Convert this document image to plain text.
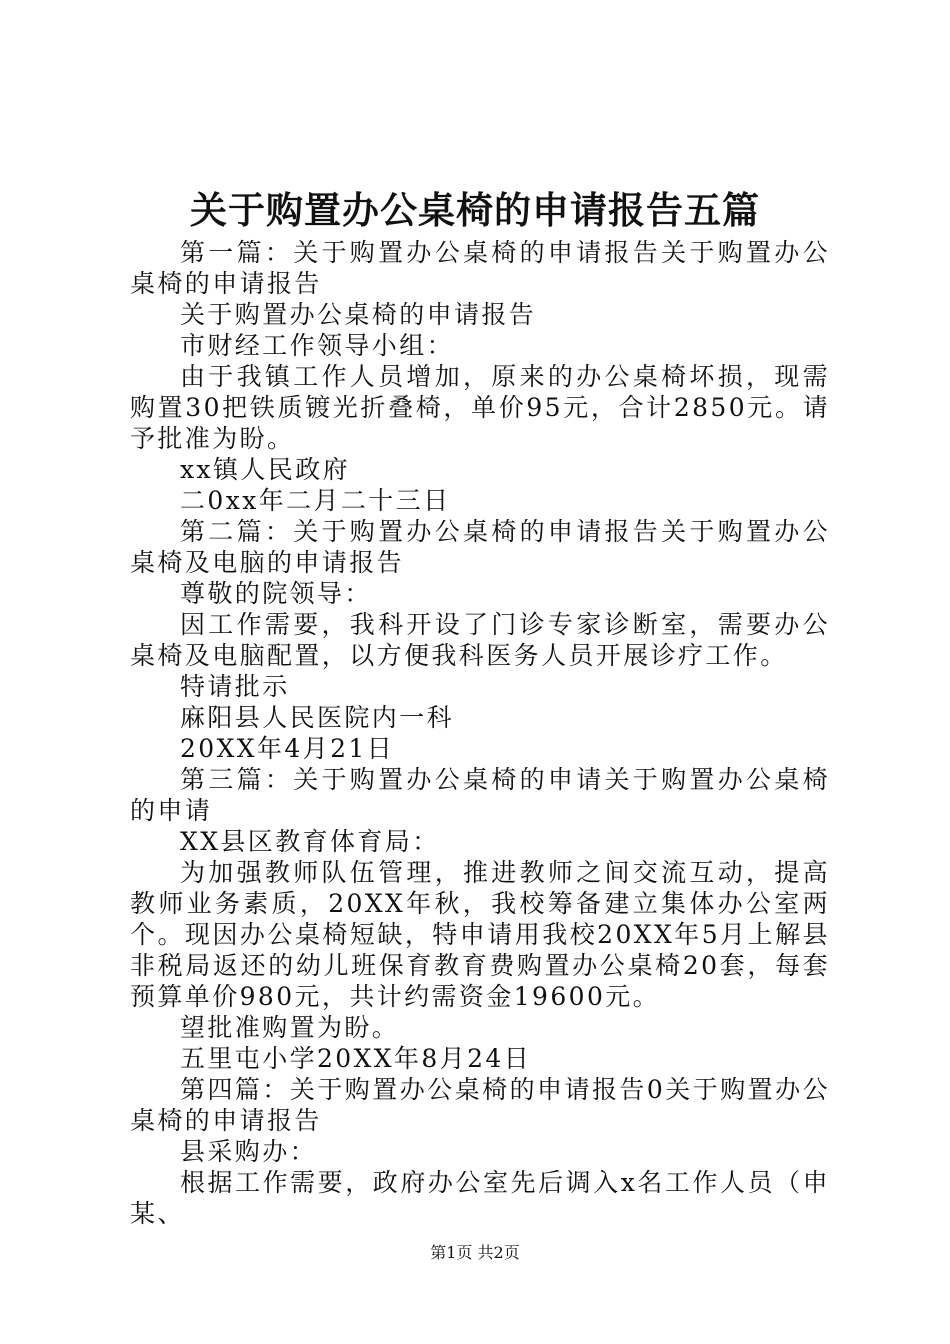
关于购置办公桌椅的申请报告五篇

第一篇：关于购置办公桌椅的申请报告关于购置办公桌椅的申请报告

关于购置办公桌椅的申请报告

市财经工作领导小组：

由于我镇工作人员增加，原来的办公桌椅坏损，现需购置30把铁质镀光折叠椅，单价95元，合计2850元。请予批准为盼。

xx镇人民政府

二0xx年二月二十三日

第二篇：关于购置办公桌椅的申请报告关于购置办公桌椅及电脑的申请报告

尊敬的院领导：

因工作需要，我科开设了门诊专家诊断室，需要办公桌椅及电脑配置，以方便我科医务人员开展诊疗工作。

特请批示

麻阳县人民医院内一科

20XX年4月21日

第三篇：关于购置办公桌椅的申请关于购置办公桌椅的申请

XX县区教育体育局：

为加强教师队伍管理，推进教师之间交流互动，提高教师业务素质，20XX年秋，我校筹备建立集体办公室两个。现因办公桌椅短缺，特申请用我校20XX年5月上解县非税局返还的幼儿班保育教育费购置办公桌椅20套，每套预算单价980元，共计约需资金19600元。

望批准购置为盼。

五里屯小学20XX年8月24日

第四篇：关于购置办公桌椅的申请报告0关于购置办公桌椅的申请报告

县采购办：

根据工作需要，政府办公室先后调入x名工作人员（申某、

第1页 共2页
